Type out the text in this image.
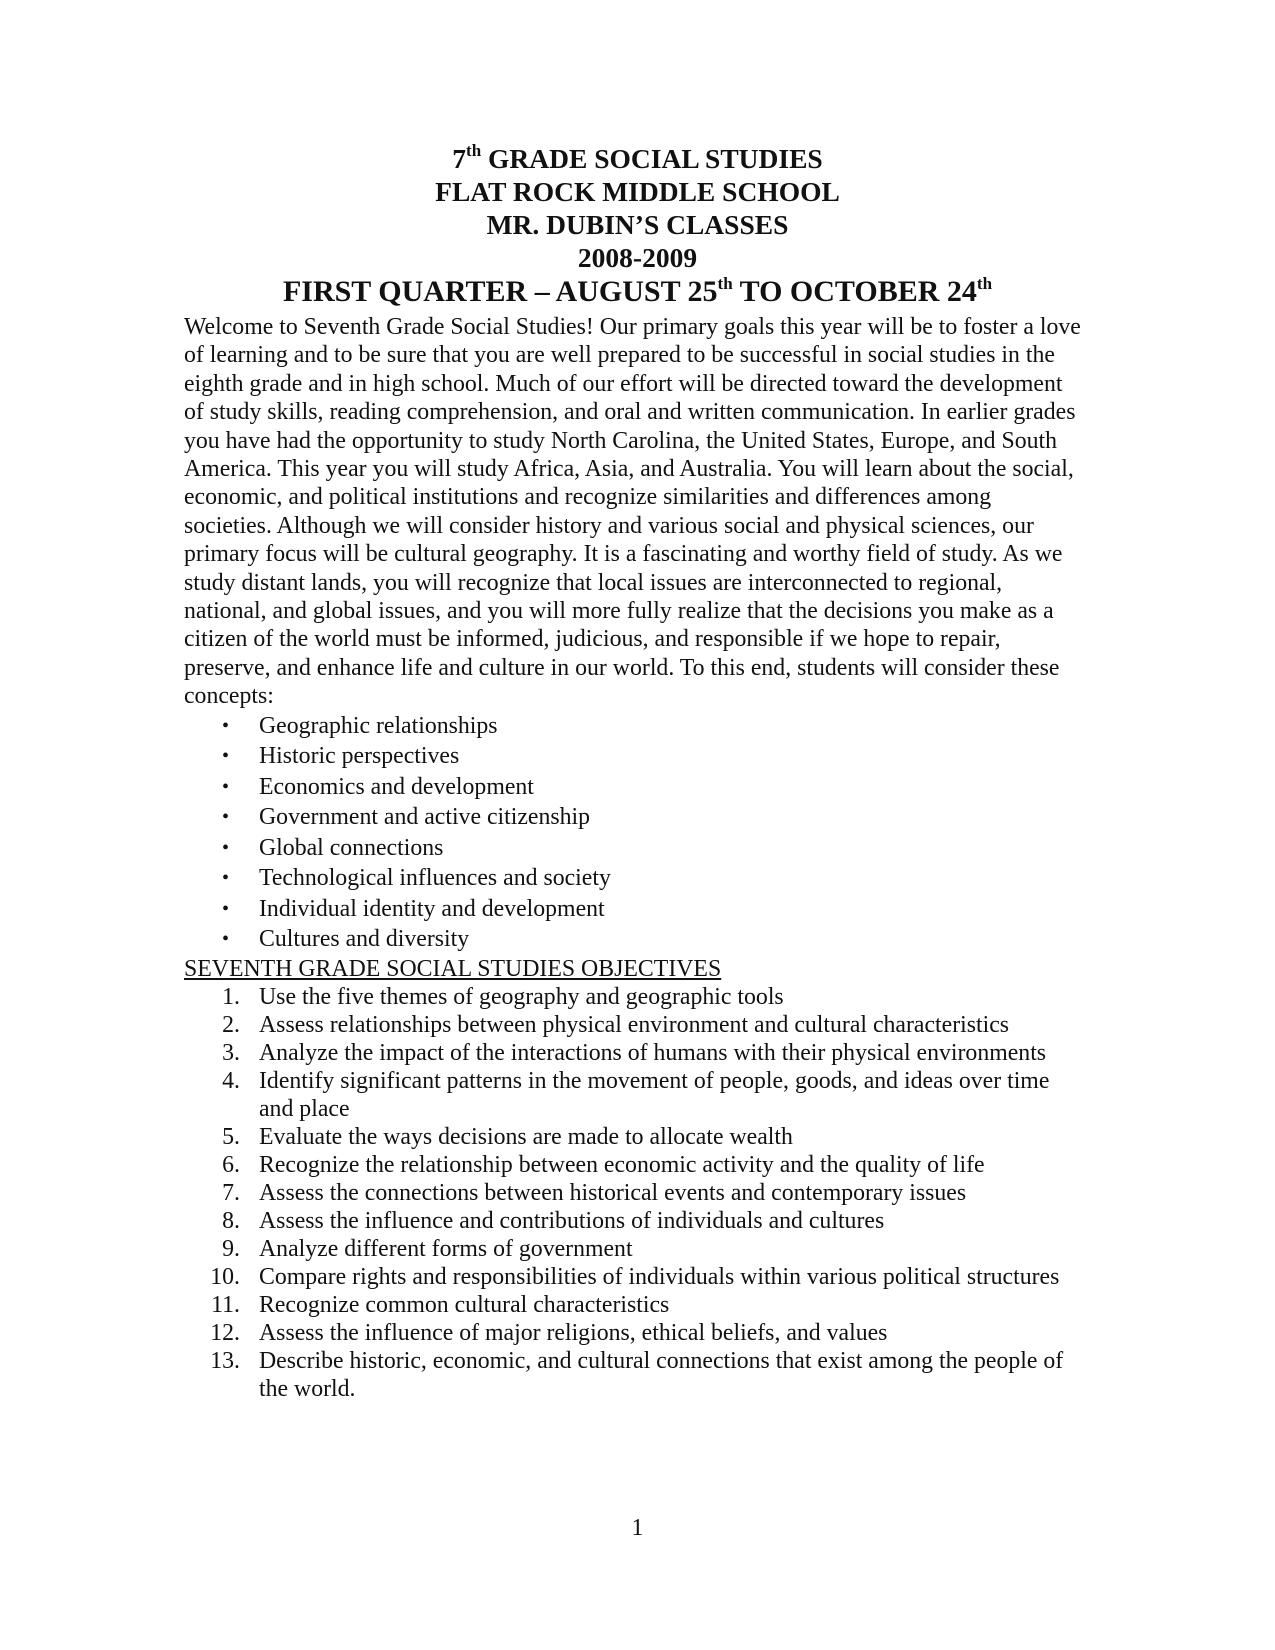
7th GRADE SOCIAL STUDIES
FLAT ROCK MIDDLE SCHOOL
MR. DUBIN’S CLASSES
2008-2009
FIRST QUARTER – AUGUST 25th TO OCTOBER 24th

Welcome to Seventh Grade Social Studies! Our primary goals this year will be to foster a love of learning and to be sure that you are well prepared to be successful in social studies in the eighth grade and in high school. Much of our effort will be directed toward the development of study skills, reading comprehension, and oral and written communication. In earlier grades you have had the opportunity to study North Carolina, the United States, Europe, and South America. This year you will study Africa, Asia, and Australia. You will learn about the social, economic, and political institutions and recognize similarities and differences among societies. Although we will consider history and various social and physical sciences, our primary focus will be cultural geography. It is a fascinating and worthy field of study. As we study distant lands, you will recognize that local issues are interconnected to regional, national, and global issues, and you will more fully realize that the decisions you make as a citizen of the world must be informed, judicious, and responsible if we hope to repair, preserve, and enhance life and culture in our world. To this end, students will consider these concepts:

• Geographic relationships
• Historic perspectives
• Economics and development
• Government and active citizenship
• Global connections
• Technological influences and society
• Individual identity and development
• Cultures and diversity

SEVENTH GRADE SOCIAL STUDIES OBJECTIVES

1. Use the five themes of geography and geographic tools
2. Assess relationships between physical environment and cultural characteristics
3. Analyze the impact of the interactions of humans with their physical environments
4. Identify significant patterns in the movement of people, goods, and ideas over time and place
5. Evaluate the ways decisions are made to allocate wealth
6. Recognize the relationship between economic activity and the quality of life
7. Assess the connections between historical events and contemporary issues
8. Assess the influence and contributions of individuals and cultures
9. Analyze different forms of government
10. Compare rights and responsibilities of individuals within various political structures
11. Recognize common cultural characteristics
12. Assess the influence of major religions, ethical beliefs, and values
13. Describe historic, economic, and cultural connections that exist among the people of the world.
1
